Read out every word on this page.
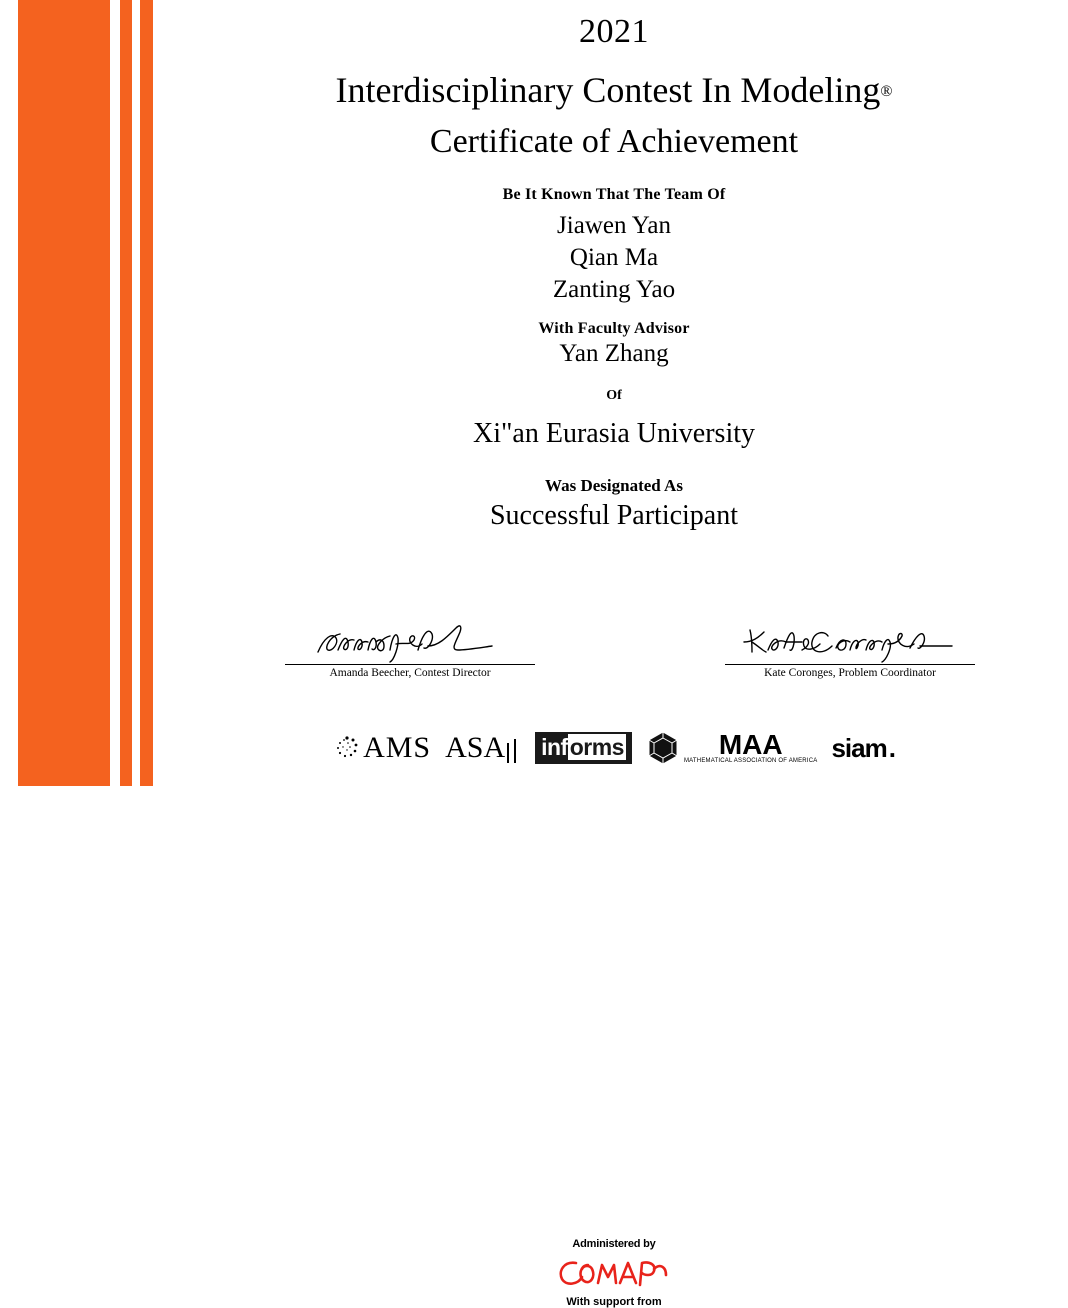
2021
Interdisciplinary Contest In Modeling®
Certificate of Achievement
Be It Known That The Team Of
Jiawen Yan
Qian Ma
Zanting Yao
With Faculty Advisor
Yan Zhang
Of
Xi"an Eurasia University
Was Designated As
Successful Participant
Amanda Beecher, Contest Director	Kate Coronges, Problem Coordinator
Administered by
With support from
AMS ASA informs	MAA
MATHEMATICAL ASSOCIATION OF AMERICA siam .
